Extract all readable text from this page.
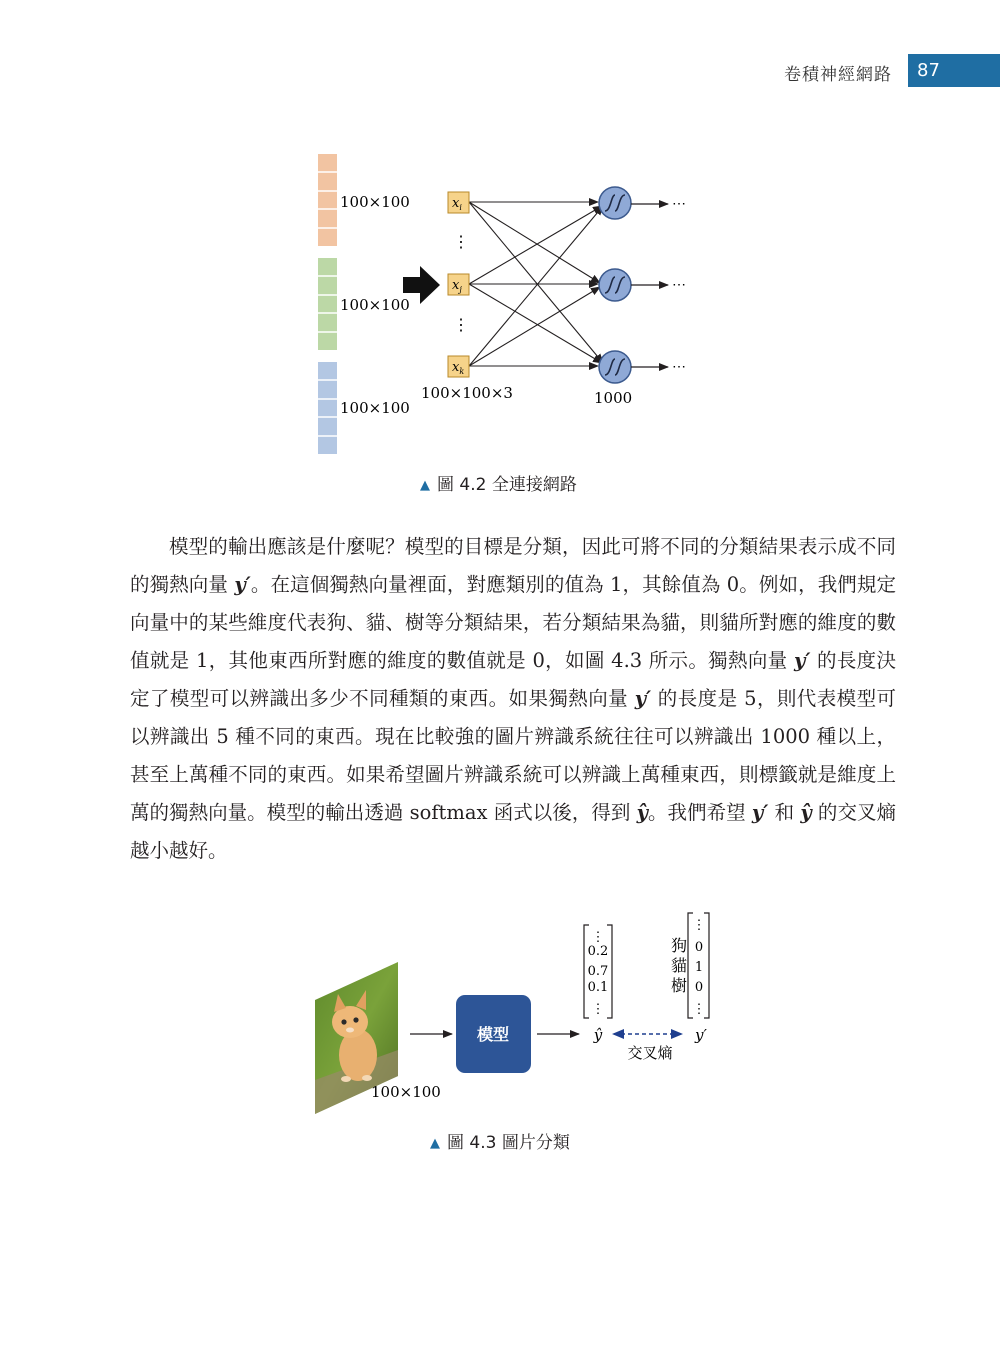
卷積神經網路	87
100×100
100×100
100×100
$x_i$
$x_j$
$x_k$
⋮
⋮
⋯
⋯
⋯
100×100×3	1000
▲ 圖 4.2 全連接網路

模型的輸出應該是什麼呢？模型的目標是分類，因此可將不同的分類結果表示成不同的獨熱向量 y′。在這個獨熱向量裡面，對應類別的值為 1，其餘值為 0。例如，我們規定向量中的某些維度代表狗、貓、樹等分類結果，若分類結果為貓，則貓所對應的維度的數值就是 1，其他東西所對應的維度的數值就是 0，如圖 4.3 所示。獨熱向量 y′ 的長度決定了模型可以辨識出多少不同種類的東西。如果獨熱向量 y′ 的長度是 5，則代表模型可以辨識出 5 種不同的東西。現在比較強的圖片辨識系統往往可以辨識出 1000 種以上，甚至上萬種不同的東西。如果希望圖片辨識系統可以辨識上萬種東西，則標籤就是維度上萬的獨熱向量。模型的輸出透過 softmax 函式以後，得到 ŷ。我們希望 y′ 和 ŷ 的交叉熵越小越好。

100×100
模型
⋮
0.2
0.7
0.1
⋮
⋮
0
1
0
⋮
狗
貓
樹
ŷ	y′
交叉熵
▲ 圖 4.3 圖片分類
